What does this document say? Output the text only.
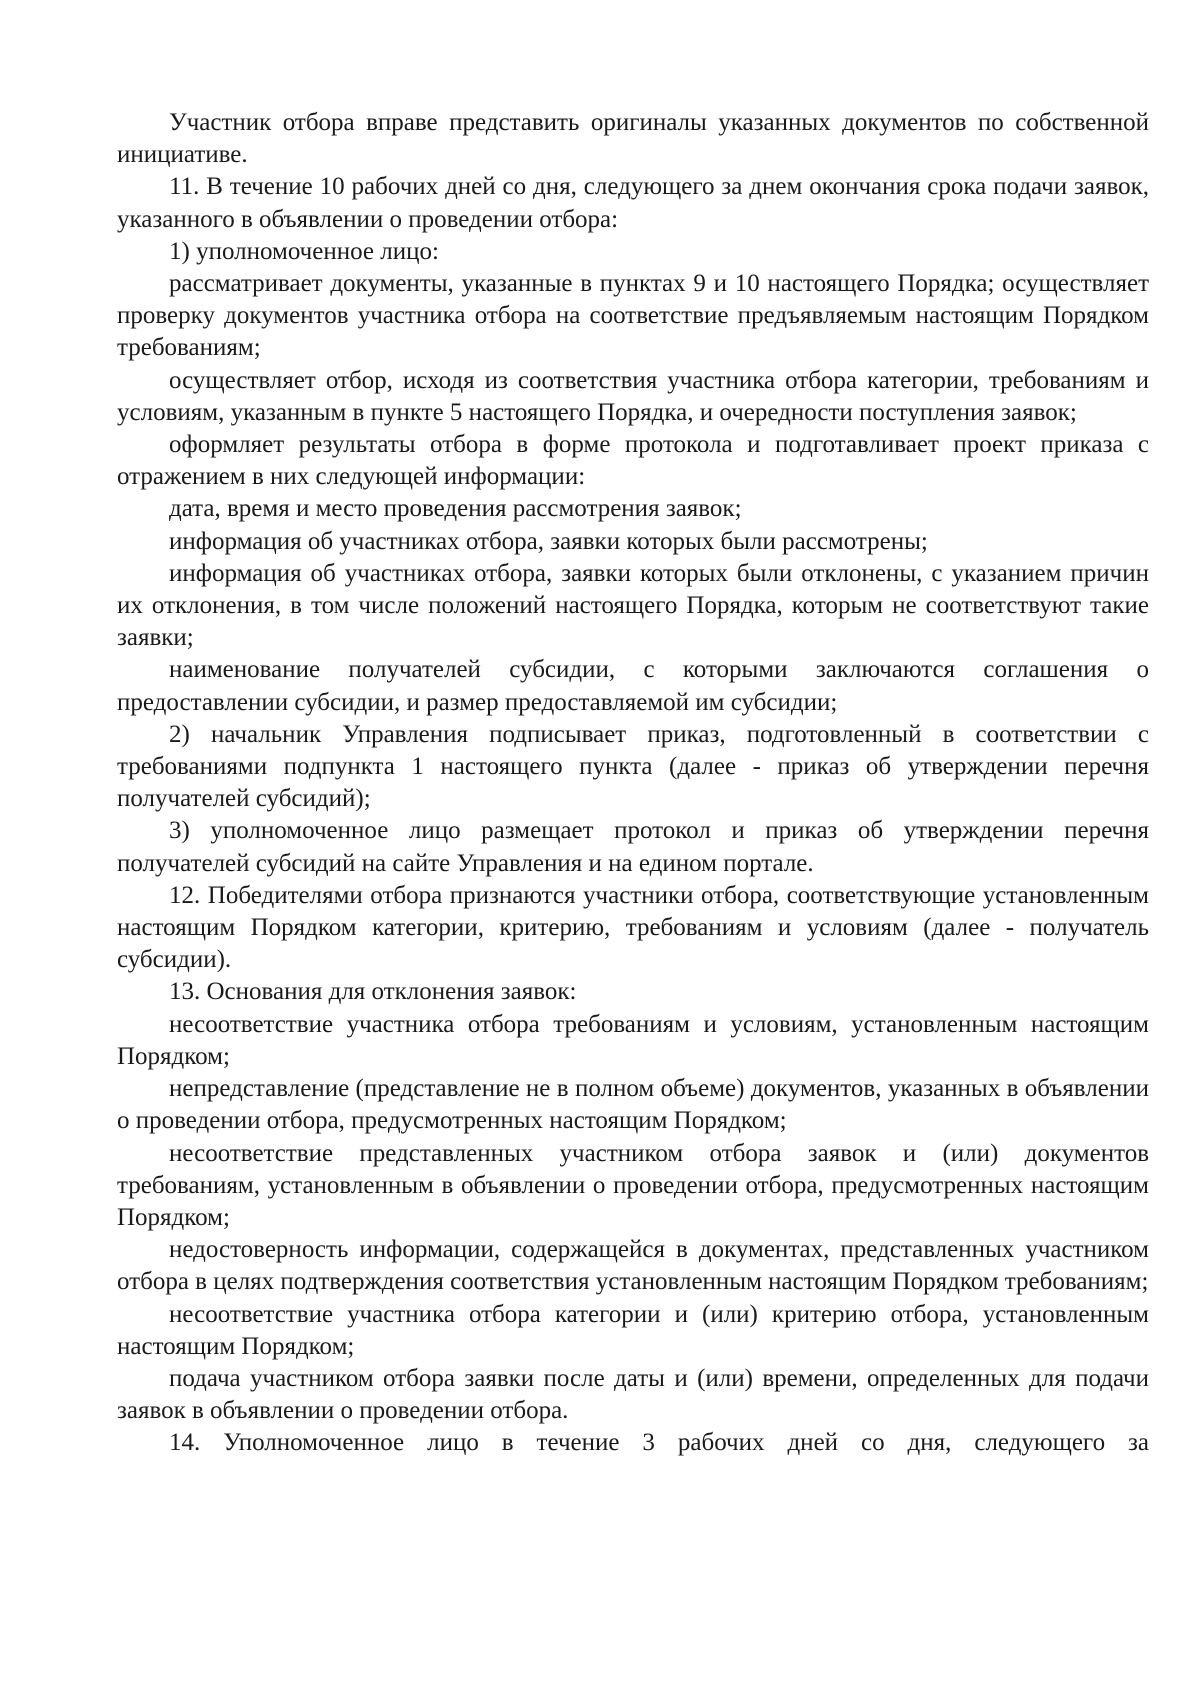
Участник отбора вправе представить оригиналы указанных документов по собственной инициативе.

11. В течение 10 рабочих дней со дня, следующего за днем окончания срока подачи заявок, указанного в объявлении о проведении отбора:

1) уполномоченное лицо:

рассматривает документы, указанные в пунктах 9 и 10 настоящего Порядка; осуществляет проверку документов участника отбора на соответствие предъявляемым настоящим Порядком требованиям;

осуществляет отбор, исходя из соответствия участника отбора категории, требованиям и условиям, указанным в пункте 5 настоящего Порядка, и очередности поступления заявок;

оформляет результаты отбора в форме протокола и подготавливает проект приказа с отражением в них следующей информации:

дата, время и место проведения рассмотрения заявок;

информация об участниках отбора, заявки которых были рассмотрены;

информация об участниках отбора, заявки которых были отклонены, с указанием причин их отклонения, в том числе положений настоящего Порядка, которым не соответствуют такие заявки;

наименование получателей субсидии, с которыми заключаются соглашения о предоставлении субсидии, и размер предоставляемой им субсидии;

2) начальник Управления подписывает приказ, подготовленный в соответствии с требованиями подпункта 1 настоящего пункта (далее - приказ об утверждении перечня получателей субсидий);

3) уполномоченное лицо размещает протокол и приказ об утверждении перечня получателей субсидий на сайте Управления и на едином портале.

12. Победителями отбора признаются участники отбора, соответствующие установленным настоящим Порядком категории, критерию, требованиям и условиям (далее - получатель субсидии).

13. Основания для отклонения заявок:

несоответствие участника отбора требованиям и условиям, установленным настоящим Порядком;

непредставление (представление не в полном объеме) документов, указанных в объявлении о проведении отбора, предусмотренных настоящим Порядком;

несоответствие представленных участником отбора заявок и (или) документов требованиям, установленным в объявлении о проведении отбора, предусмотренных настоящим Порядком;

недостоверность информации, содержащейся в документах, представленных участником отбора в целях подтверждения соответствия установленным настоящим Порядком требованиям;

несоответствие участника отбора категории и (или) критерию отбора, установленным настоящим Порядком;

подача участником отбора заявки после даты и (или) времени, определенных для подачи заявок в объявлении о проведении отбора.

14. Уполномоченное лицо в течение 3 рабочих дней со дня, следующего за
